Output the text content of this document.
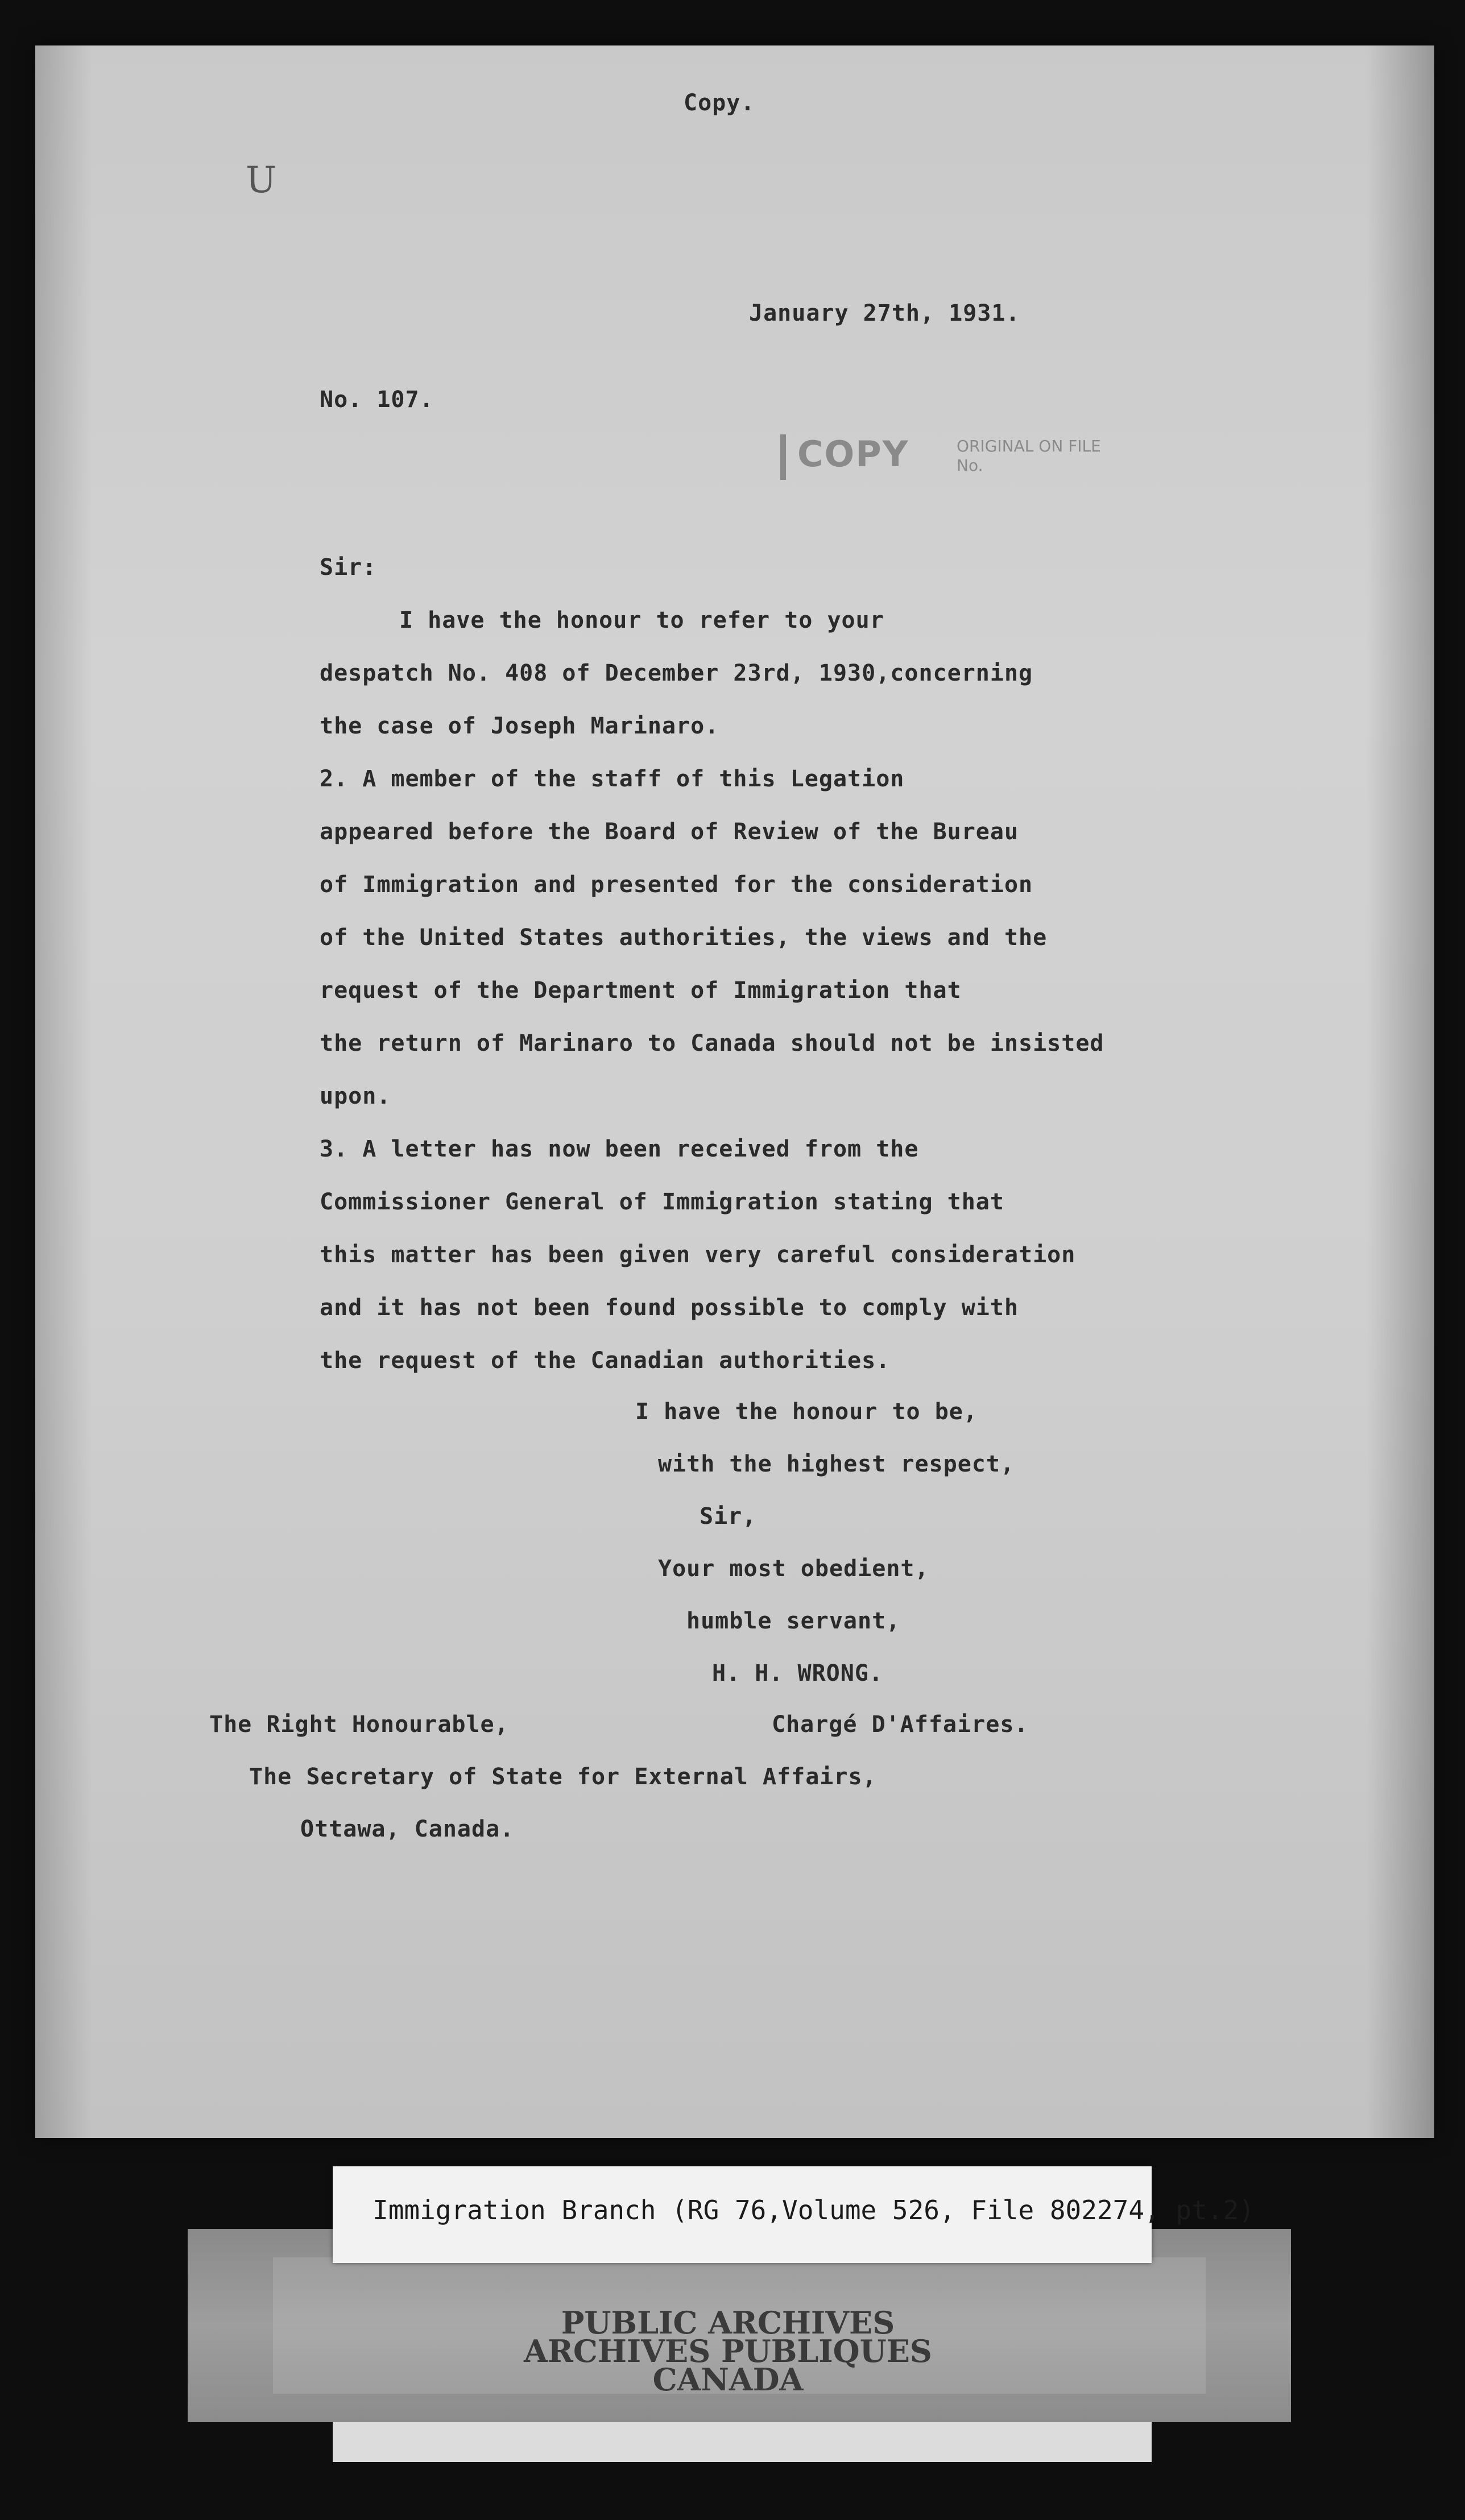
Copy.
U
January 27th, 1931.
No. 107.
COPY	ORIGINAL ON FILE
No.
Sir:
I have the honour to refer to your
despatch No. 408 of December 23rd, 1930,concerning
the case of Joseph Marinaro.
2. A member of the staff of this Legation
appeared before the Board of Review of the Bureau
of Immigration and presented for the consideration
of the United States authorities, the views and the
request of the Department of Immigration that
the return of Marinaro to Canada should not be insisted
upon.
3. A letter has now been received from the
Commissioner General of Immigration stating that
this matter has been given very careful consideration
and it has not been found possible to comply with
the request of the Canadian authorities.
I have the honour to be,
with the highest respect,
Sir,
Your most obedient,
humble servant,
H. H. WRONG.
Chargé D'Affaires.
The Right Honourable,
The Secretary of State for External Affairs,
Ottawa, Canada.
Immigration Branch (RG 76,Volume 526, File 802274, pt.2)
PUBLIC ARCHIVES
ARCHIVES PUBLIQUES
CANADA
